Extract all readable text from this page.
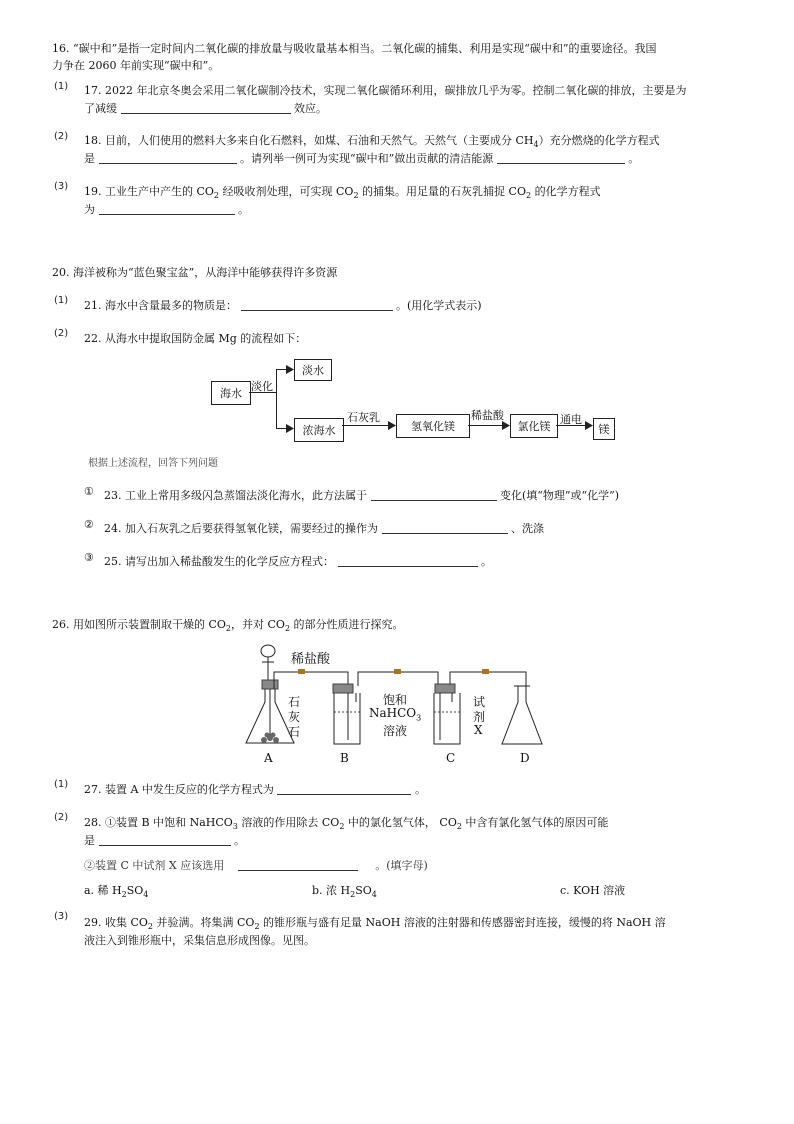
16. “碳中和”是指一定时间内二氧化碳的排放量与吸收量基本相当。二氧化碳的捕集、利用是实现“碳中和”的重要途径。我国
力争在 2060 年前实现“碳中和”。
(1) 17. 2022 年北京冬奥会采用二氧化碳制冷技术，实现二氧化碳循环利用，碳排放几乎为零。控制二氧化碳的排放，主要是为
了减缓	效应。
(2) 18. 目前，人们使用的燃料大多来自化石燃料，如煤、石油和天然气。天然气（主要成分 $CH_4$）充分燃烧的化学方程式
是	。请列举一例可为实现“碳中和”做出贡献的清洁能源	。
(3) 19. 工业生产中产生的 $CO_2$ 经吸收剂处理，可实现 $CO_2$ 的捕集。用足量的石灰乳捕捉 $CO_2$ 的化学方程式
为	。
20. 海洋被称为“蓝色聚宝盆”，从海洋中能够获得许多资源
(1) 21. 海水中含量最多的物质是：	。(用化学式表示)
(2) 22. 从海水中提取国防金属 Mg 的流程如下：
海水
淡水
浓海水	氢氧化镁	氯化镁	镁
淡化
石灰乳	稀盐酸	通电
根据上述流程，回答下列问题
① 23. 工业上常用多级闪急蒸馏法淡化海水，此方法属于	变化(填“物理”或“化学”)
② 24. 加入石灰乳之后要获得氢氧化镁，需要经过的操作为	、洗涤
③ 25. 请写出加入稀盐酸发生的化学反应方程式：	。
26. 用如图所示装置制取干燥的 $CO_2$，并对 $CO_2$ 的部分性质进行探究。
稀盐酸
石
灰
石
饱和
NaHCO$_3$
溶液
试
剂
X
A	B	C	D
(1) 27. 装置 A 中发生反应的化学方程式为	。
(2) 28. ①装置 B 中饱和 NaHCO$_3$ 溶液的作用除去 $CO_2$ 中的氯化氢气体， $CO_2$ 中含有氯化氢气体的原因可能
是	。
②装置 C 中试剂 X 应该选用	。(填字母)
a. 稀 $H_2SO_4$	b. 浓 $H_2SO_4$	c. KOH 溶液
(3) 29. 收集 $CO_2$ 并验满。将集满 $CO_2$ 的锥形瓶与盛有足量 NaOH 溶液的注射器和传感器密封连接，缓慢的将 NaOH 溶
液注入到锥形瓶中，采集信息形成图像。见图。
